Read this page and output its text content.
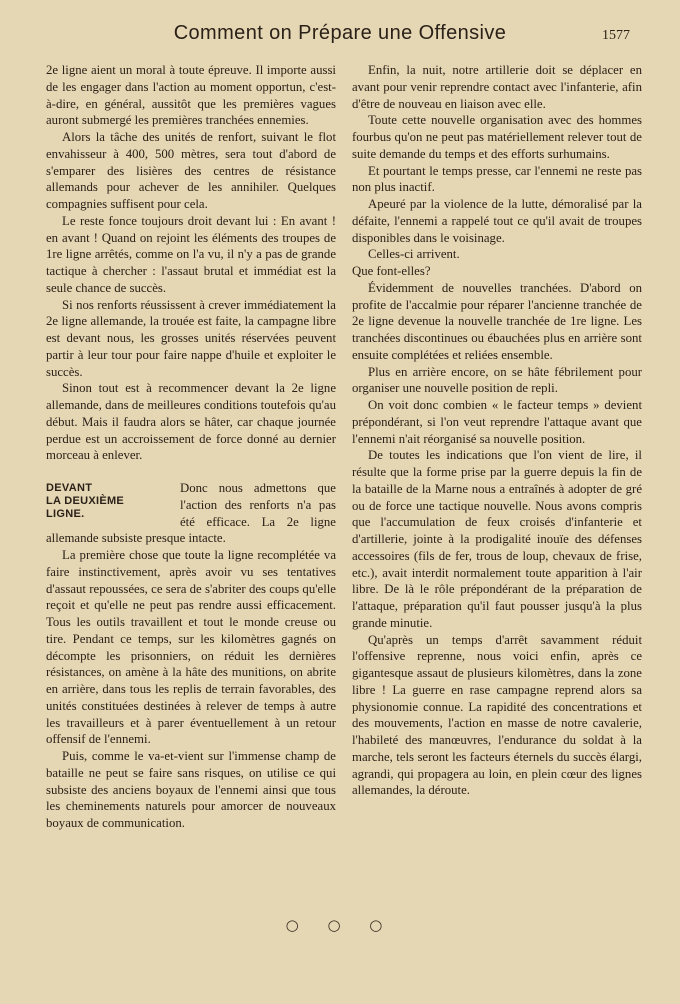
Comment on Prépare une Offensive	1577

2e ligne aient un moral à toute épreuve. Il importe aussi de les engager dans l'action au moment opportun, c'est-à-dire, en général, aussitôt que les premières vagues auront submergé les premières tranchées ennemies.

Alors la tâche des unités de renfort, suivant le flot envahisseur à 400, 500 mètres, sera tout d'abord de s'emparer des lisières des centres de résistance allemands pour achever de les annihiler. Quelques compagnies suffisent pour cela.

Le reste fonce toujours droit devant lui : En avant ! en avant ! Quand on rejoint les éléments des troupes de 1re ligne arrêtés, comme on l'a vu, il n'y a pas de grande tactique à chercher : l'assaut brutal et immédiat est la seule chance de succès.

Si nos renforts réussissent à crever immédiatement la 2e ligne allemande, la trouée est faite, la campagne libre est devant nous, les grosses unités réservées peuvent partir à leur tour pour faire nappe d'huile et exploiter le succès.

Sinon tout est à recommencer devant la 2e ligne allemande, dans de meilleures conditions toutefois qu'au début. Mais il faudra alors se hâter, car chaque journée perdue est un accroissement de force donné au dernier morceau à enlever.

DEVANT
LA DEUXIÈME
LIGNE.

Donc nous admettons que l'action des renforts n'a pas été efficace. La 2e ligne allemande subsiste presque intacte.

La première chose que toute la ligne recomplétée va faire instinctivement, après avoir vu ses tentatives d'assaut repoussées, ce sera de s'abriter des coups qu'elle reçoit et qu'elle ne peut pas rendre aussi efficacement. Tous les outils travaillent et tout le monde creuse ou tire. Pendant ce temps, sur les kilomètres gagnés on décompte les prisonniers, on réduit les dernières résistances, on amène à la hâte des munitions, on abrite en arrière, dans tous les replis de terrain favorables, des unités constituées destinées à relever de temps à autre les travailleurs et à parer éventuellement à un retour offensif de l'ennemi.

Puis, comme le va-et-vient sur l'immense champ de bataille ne peut se faire sans risques, on utilise ce qui subsiste des anciens boyaux de l'ennemi ainsi que tous les cheminements naturels pour amorcer de nouveaux boyaux de communication.

Enfin, la nuit, notre artillerie doit se déplacer en avant pour venir reprendre contact avec l'infanterie, afin d'être de nouveau en liaison avec elle.

Toute cette nouvelle organisation avec des hommes fourbus qu'on ne peut pas matériellement relever tout de suite demande du temps et des efforts surhumains.

Et pourtant le temps presse, car l'ennemi ne reste pas non plus inactif.

Apeuré par la violence de la lutte, démoralisé par la défaite, l'ennemi a rappelé tout ce qu'il avait de troupes disponibles dans le voisinage.

Celles-ci arrivent.

Que font-elles?

Évidemment de nouvelles tranchées. D'abord on profite de l'accalmie pour réparer l'ancienne tranchée de 2e ligne devenue la nouvelle tranchée de 1re ligne. Les tranchées discontinues ou ébauchées plus en arrière sont ensuite complétées et reliées ensemble.

Plus en arrière encore, on se hâte fébrilement pour organiser une nouvelle position de repli.

On voit donc combien « le facteur temps » devient prépondérant, si l'on veut reprendre l'attaque avant que l'ennemi n'ait réorganisé sa nouvelle position.

De toutes les indications que l'on vient de lire, il résulte que la forme prise par la guerre depuis la fin de la bataille de la Marne nous a entraînés à adopter de gré ou de force une tactique nouvelle. Nous avons compris que l'accumulation de feux croisés d'infanterie et d'artillerie, jointe à la prodigalité inouïe des défenses accessoires (fils de fer, trous de loup, chevaux de frise, etc.), avait interdit normalement toute apparition à l'air libre. De là le rôle prépondérant de la préparation de l'attaque, préparation qu'il faut pousser jusqu'à la plus grande minutie.

Qu'après un temps d'arrêt savamment réduit l'offensive reprenne, nous voici enfin, après ce gigantesque assaut de plusieurs kilomètres, dans la zone libre ! La guerre en rase campagne reprend alors sa physionomie connue. La rapidité des concentrations et des mouvements, l'action en masse de notre cavalerie, l'habileté des manœuvres, l'endurance du soldat à la marche, tels seront les facteurs éternels du succès élargi, agrandi, qui propagera au loin, en plein cœur des lignes allemandes, la déroute.

○ ○ ○
